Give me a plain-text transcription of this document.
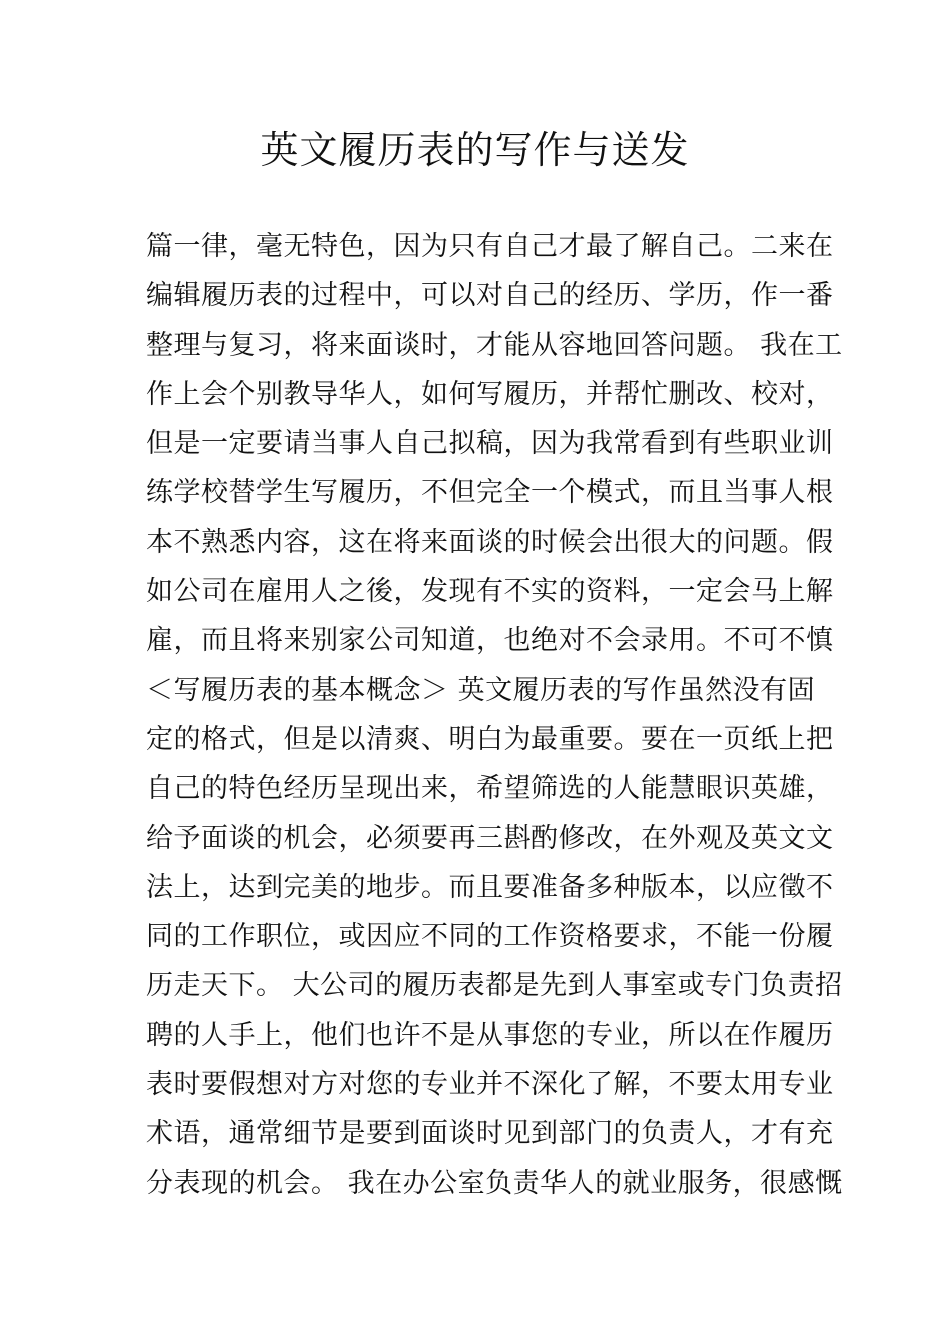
英文履历表的写作与送发
篇一律，毫无特色，因为只有自己才最了解自己。二来在
编辑履历表的过程中，可以对自己的经历、学历，作一番
整理与复习，将来面谈时，才能从容地回答问题。 我在工
作上会个别教导华人，如何写履历，并帮忙删改、校对，
但是一定要请当事人自己拟稿，因为我常看到有些职业训
练学校替学生写履历，不但完全一个模式，而且当事人根
本不熟悉内容，这在将来面谈的时候会出很大的问题。假
如公司在雇用人之後，发现有不实的资料，一定会马上解
雇，而且将来别家公司知道，也绝对不会录用。不可不慎
＜写履历表的基本概念＞ 英文履历表的写作虽然没有固
定的格式，但是以清爽、明白为最重要。要在一页纸上把
自己的特色经历呈现出来，希望筛选的人能慧眼识英雄，
给予面谈的机会，必须要再三斟酌修改，在外观及英文文
法上，达到完美的地步。而且要准备多种版本，以应徵不
同的工作职位，或因应不同的工作资格要求，不能一份履
历走天下。 大公司的履历表都是先到人事室或专门负责招
聘的人手上，他们也许不是从事您的专业，所以在作履历
表时要假想对方对您的专业并不深化了解，不要太用专业
术语，通常细节是要到面谈时见到部门的负责人，才有充
分表现的机会。 我在办公室负责华人的就业服务，很感慨
